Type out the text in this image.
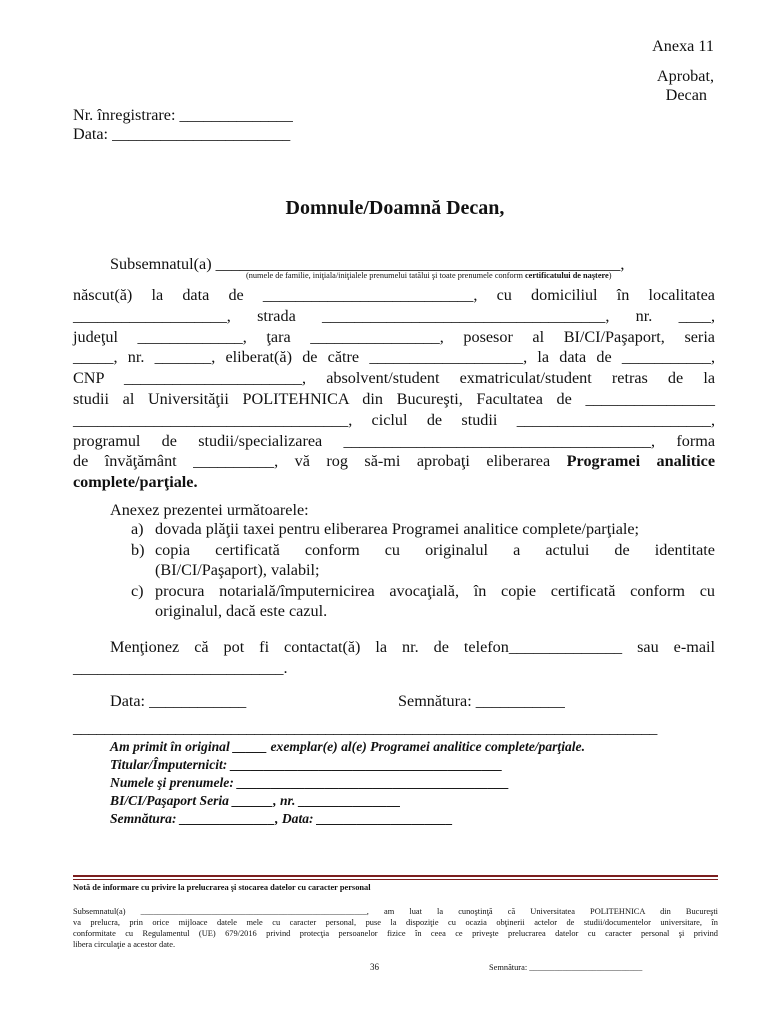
Anexa 11
Aprobat,
Decan
Nr. înregistrare: ______________
Data: ______________________
Domnule/Doamnă Decan,
Subsemnatul(a) __________________________________________________,
(numele de familie, iniţiala/iniţialele prenumelui tatălui şi toate prenumele conform certificatului de naştere)
născut(ă) la data de __________________________, cu domiciliul în localitatea
___________________, strada ___________________________________, nr. ____,
judeţul _____________, ţara ________________, posesor al BI/CI/Paşaport, seria
_____, nr. _______, eliberat(ă) de către ___________________, la data de ___________,
CNP ______________________, absolvent/student exmatriculat/student retras de la
studii al Universităţii POLITEHNICA din Bucureşti, Facultatea de ________________
__________________________________, ciclul de studii ________________________,
programul de studii/specializarea ______________________________________, forma
de învăţământ __________, vă rog să-mi aprobaţi eliberarea Programei analitice
complete/parţiale.
Anexez prezentei următoarele:
a) dovada plăţii taxei pentru eliberarea Programei analitice complete/parţiale;
b) copia certificată conform cu originalul a actului de identitate
(BI/CI/Paşaport), valabil;
c) procura notarială/împuternicirea avocaţială, în copie certificată conform cu
originalul, dacă este cazul.
Menţionez că pot fi contactat(ă) la nr. de telefon______________ sau e-mail
__________________________.
Data: ____________	Semnătura: ___________
__________________________________________________________________________
Am primit în original _____ exemplar(e) al(e) Programei analitice complete/parţiale.
Titular/Împuternicit: ________________________________________
Numele şi prenumele: ________________________________________
BI/CI/Paşaport Seria ______, nr. _______________
Semnătura: ______________, Data: ____________________
Notă de informare cu privire la prelucrarea şi stocarea datelor cu caracter personal
Subsemnatul(a) ______________________________________________________, am luat la cunoştinţă că Universitatea POLITEHNICA din Bucureşti
va prelucra, prin orice mijloace datele mele cu caracter personal, puse la dispoziţie cu ocazia obţinerii actelor de studii/documentelor universitare, în
conformitate cu Regulamentul (UE) 679/2016 privind protecţia persoanelor fizice în ceea ce priveşte prelucrarea datelor cu caracter personal şi privind
libera circulaţie a acestor date.
36	Semnătura: ___________________________
